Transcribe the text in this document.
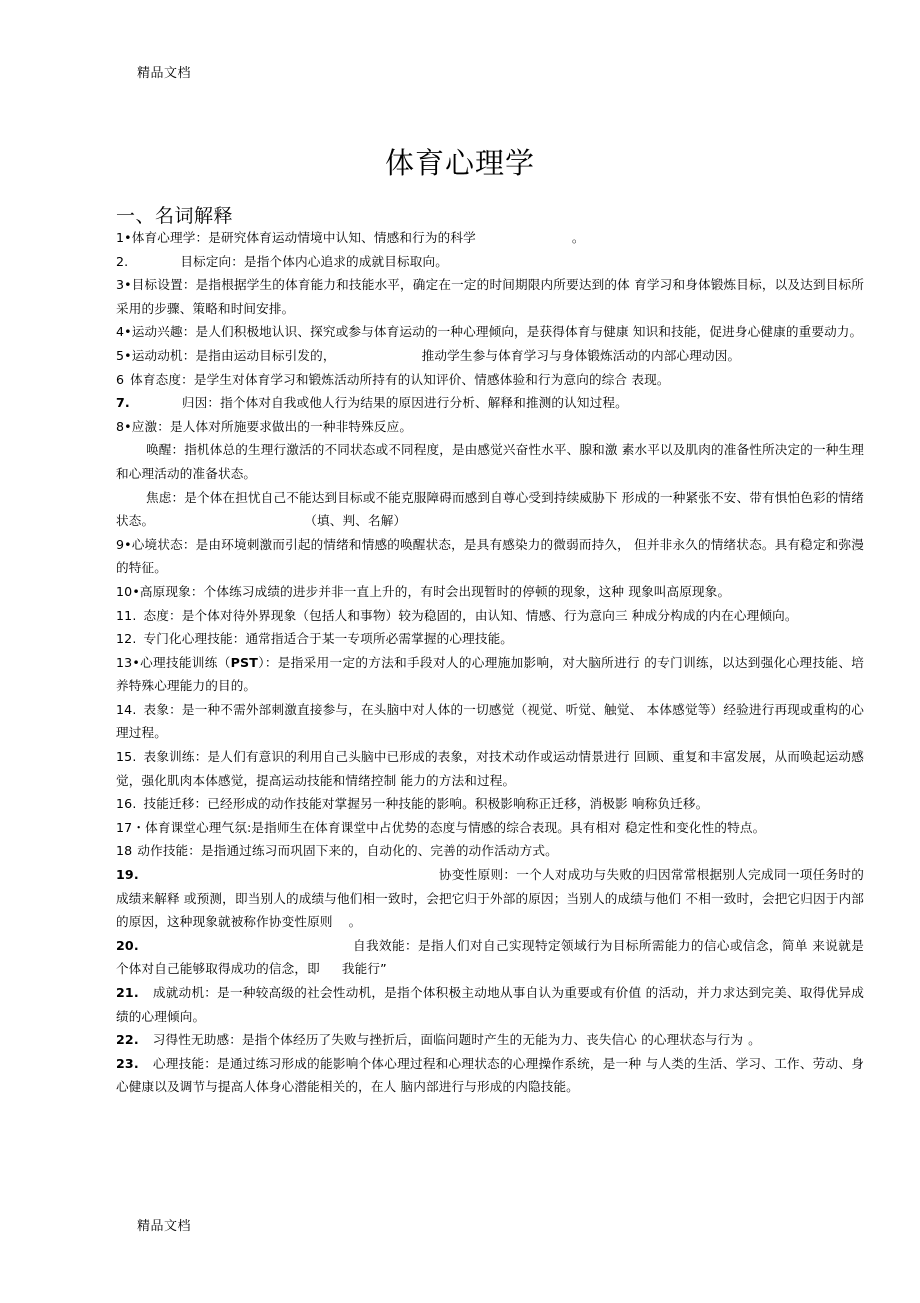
精品文档
体育心理学
一、名词解释

1•体育心理学：是研究体育运动情境中认知、情感和行为的科学	。

2.	目标定向：是指个体内心追求的成就目标取向。

3•目标设置：是指根据学生的体育能力和技能水平，确定在一定的时间期限内所要达到的体 育学习和身体锻炼目标，以及达到目标所采用的步骤、策略和时间安排。

4•运动兴趣：是人们积极地认识、探究或参与体育运动的一种心理倾向，是获得体育与健康 知识和技能，促进身心健康的重要动力。

5•运动动机：是指由运动目标引发的，	推动学生参与体育学习与身体锻炼活动的内部心理动因。

6 体育态度：是学生对体育学习和锻炼活动所持有的认知评价、情感体验和行为意向的综合 表现。

7.	归因：指个体对自我或他人行为结果的原因进行分析、解释和推测的认知过程。

8•应激：是人体对所施要求做出的一种非特殊反应。

唤醒：指机体总的生理行激活的不同状态或不同程度，是由感觉兴奋性水平、腺和激 素水平以及肌肉的准备性所决定的一种生理和心理活动的准备状态。

焦虑：是个体在担忧自己不能达到目标或不能克服障碍而感到自尊心受到持续威胁下 形成的一种紧张不安、带有惧怕色彩的情绪状态。	（填、判、名解）

9•心境状态：是由环境刺激而引起的情绪和情感的唤醒状态，是具有感染力的微弱而持久， 但并非永久的情绪状态。具有稳定和弥漫的特征。

10•高原现象：个体练习成绩的进步并非一直上升的，有时会出现暂时的停顿的现象，这种 现象叫高原现象。

11. 态度：是个体对待外界现象（包括人和事物）较为稳固的，由认知、情感、行为意向三 种成分构成的内在心理倾向。

12. 专门化心理技能：通常指适合于某一专项所必需掌握的心理技能。

13•心理技能训练（PST）：是指采用一定的方法和手段对人的心理施加影响，对大脑所进行 的专门训练，以达到强化心理技能、培养特殊心理能力的目的。

14. 表象：是一种不需外部刺激直接参与，在头脑中对人体的一切感觉（视觉、听觉、触觉、 本体感觉等）经验进行再现或重构的心理过程。

15. 表象训练：是人们有意识的利用自己头脑中已形成的表象，对技术动作或运动情景进行 回顾、重复和丰富发展，从而唤起运动感觉，强化肌肉本体感觉，提高运动技能和情绪控制 能力的方法和过程。

16. 技能迁移：已经形成的动作技能对掌握另一种技能的影响。积极影响称正迁移，消极影 响称负迁移。

17・体育课堂心理气氛:是指师生在体育课堂中占优势的态度与情感的综合表现。具有相对 稳定性和变化性的特点。

18 动作技能：是指通过练习而巩固下来的，自动化的、完善的动作活动方式。

19.	协变性原则：一个人对成功与失败的归因常常根据别人完成同一项任务时的成绩来解释 或预测，即当别人的成绩与他们相一致时，会把它归于外部的原因；当别人的成绩与他们 不相一致时，会把它归因于内部的原因，这种现象就被称作协变性原则 。

20.	自我效能：是指人们对自己实现特定领域行为目标所需能力的信心或信念，简单 来说就是个体对自己能够取得成功的信念，即 我能行”

21. 成就动机：是一种较高级的社会性动机，是指个体积极主动地从事自认为重要或有价值 的活动，并力求达到完美、取得优异成绩的心理倾向。

22. 习得性无助感：是指个体经历了失败与挫折后，面临问题时产生的无能为力、丧失信心 的心理状态与行为 。

23. 心理技能：是通过练习形成的能影响个体心理过程和心理状态的心理操作系统，是一种 与人类的生活、学习、工作、劳动、身心健康以及调节与提高人体身心潜能相关的，在人 脑内部进行与形成的内隐技能。

精品文档
